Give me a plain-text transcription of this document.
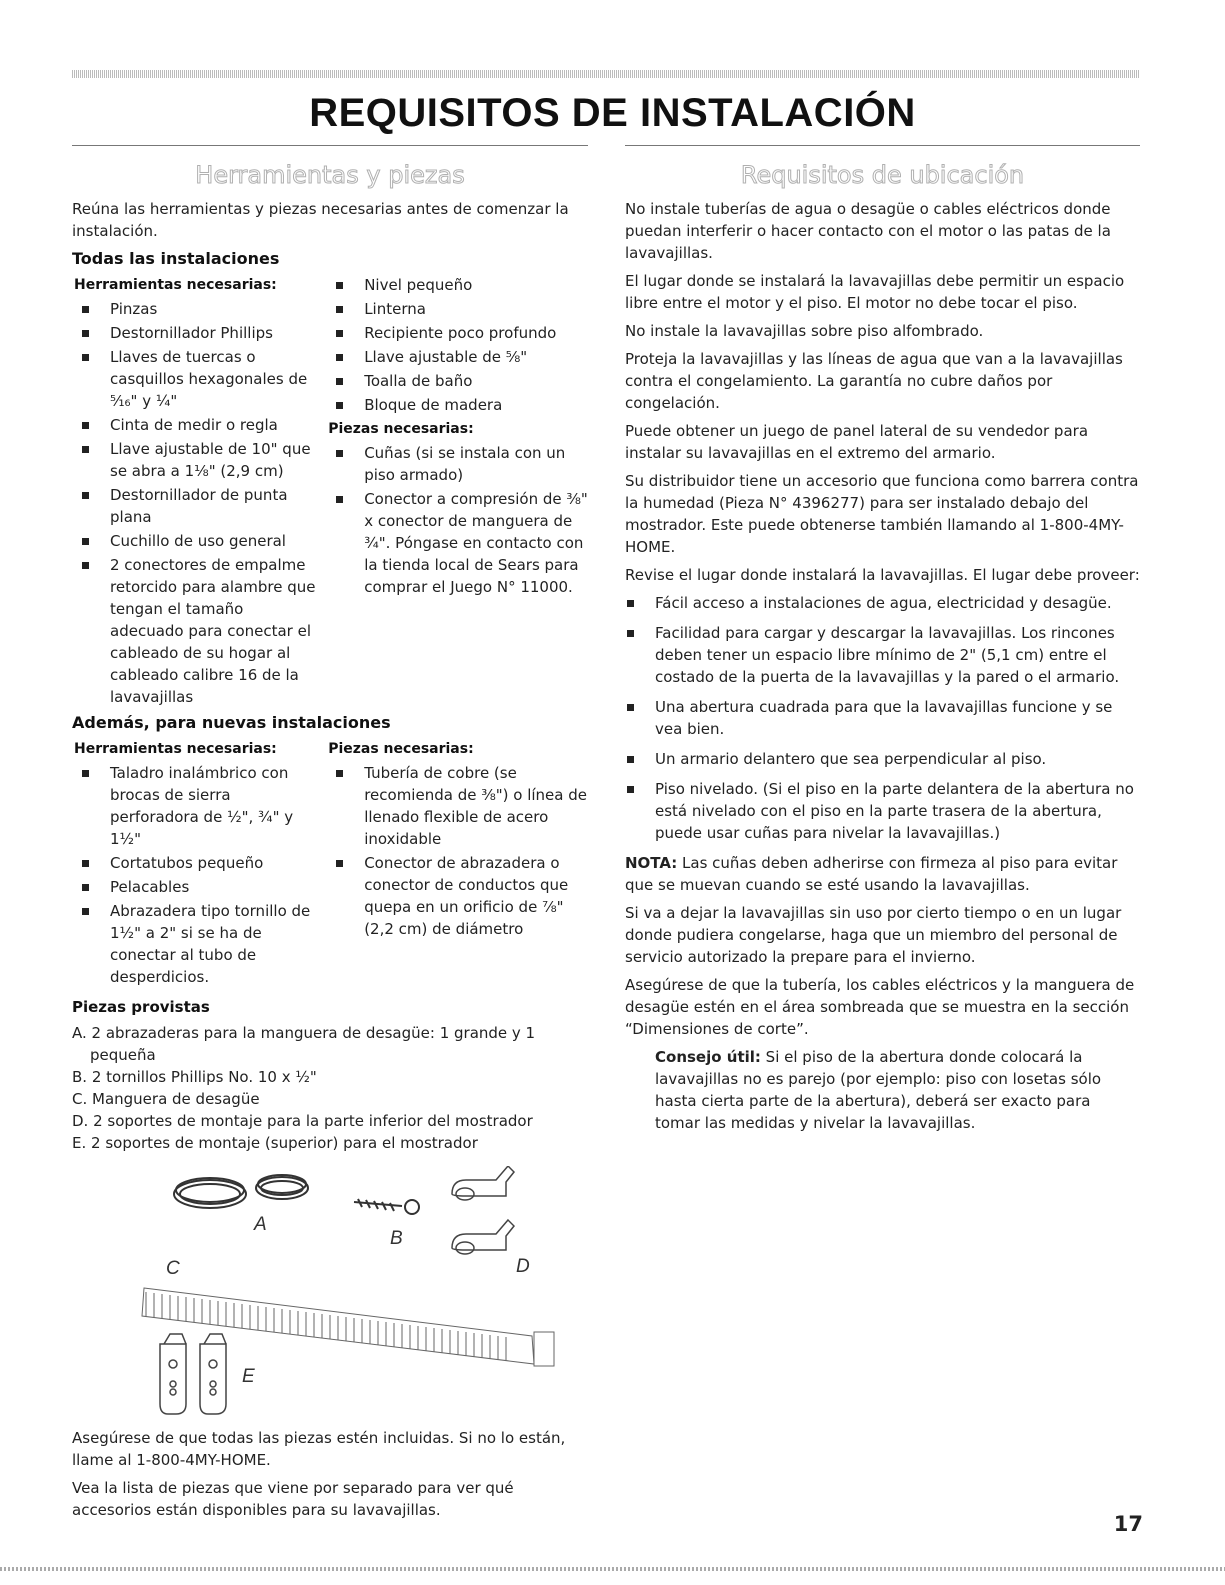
REQUISITOS DE INSTALACIÓN
Herramientas y piezas

Reúna las herramientas y piezas necesarias antes de comenzar la instalación.

Todas las instalaciones
Herramientas necesarias:
Pinzas
Destornillador Phillips
Llaves de tuercas o casquillos hexagonales de ⁵⁄₁₆" y ¼"
Cinta de medir o regla
Llave ajustable de 10" que se abra a 1⅛" (2,9 cm)
Destornillador de punta plana
Cuchillo de uso general
2 conectores de empalme retorcido para alambre que tengan el tamaño adecuado para conectar el cableado de su hogar al cableado calibre 16 de la lavavajillas
Nivel pequeño
Linterna
Recipiente poco profundo
Llave ajustable de ⅝"
Toalla de baño
Bloque de madera
Piezas necesarias:
Cuñas (si se instala con un piso armado)
Conector a compresión de ⅜" x conector de manguera de ¾". Póngase en contacto con la tienda local de Sears para comprar el Juego N° 11000.
Además, para nuevas instalaciones
Herramientas necesarias:
Taladro inalámbrico con brocas de sierra perforadora de ½", ¾" y 1½"
Cortatubos pequeño
Pelacables
Abrazadera tipo tornillo de 1½" a 2" si se ha de conectar al tubo de desperdicios.
Piezas necesarias:
Tubería de cobre (se recomienda de ⅜") o línea de llenado flexible de acero inoxidable
Conector de abrazadera o conector de conductos que quepa en un orificio de ⅞" (2,2 cm) de diámetro
Piezas provistas
A. 2 abrazaderas para la manguera de desagüe: 1 grande y 1 pequeña
B. 2 tornillos Phillips No. 10 x ½"
C. Manguera de desagüe
D. 2 soportes de montaje para la parte inferior del mostrador
E. 2 soportes de montaje (superior) para el mostrador
A
B
C	D
E

Asegúrese de que todas las piezas estén incluidas. Si no lo están, llame al 1-800-4MY-HOME.

Vea la lista de piezas que viene por separado para ver qué accesorios están disponibles para su lavavajillas.

Requisitos de ubicación

No instale tuberías de agua o desagüe o cables eléctricos donde puedan interferir o hacer contacto con el motor o las patas de la lavavajillas.

El lugar donde se instalará la lavavajillas debe permitir un espacio libre entre el motor y el piso. El motor no debe tocar el piso.

No instale la lavavajillas sobre piso alfombrado.

Proteja la lavavajillas y las líneas de agua que van a la lavavajillas contra el congelamiento. La garantía no cubre daños por congelación.

Puede obtener un juego de panel lateral de su vendedor para instalar su lavavajillas en el extremo del armario.

Su distribuidor tiene un accesorio que funciona como barrera contra la humedad (Pieza N° 4396277) para ser instalado debajo del mostrador. Este puede obtenerse también llamando al 1-800-4MY-HOME.

Revise el lugar donde instalará la lavavajillas. El lugar debe proveer:

Fácil acceso a instalaciones de agua, electricidad y desagüe.
Facilidad para cargar y descargar la lavavajillas. Los rincones deben tener un espacio libre mínimo de 2" (5,1 cm) entre el costado de la puerta de la lavavajillas y la pared o el armario.
Una abertura cuadrada para que la lavavajillas funcione y se vea bien.
Un armario delantero que sea perpendicular al piso.
Piso nivelado. (Si el piso en la parte delantera de la abertura no está nivelado con el piso en la parte trasera de la abertura, puede usar cuñas para nivelar la lavavajillas.)

NOTA: Las cuñas deben adherirse con firmeza al piso para evitar que se muevan cuando se esté usando la lavavajillas.

Si va a dejar la lavavajillas sin uso por cierto tiempo o en un lugar donde pudiera congelarse, haga que un miembro del personal de servicio autorizado la prepare para el invierno.

Asegúrese de que la tubería, los cables eléctricos y la manguera de desagüe estén en el área sombreada que se muestra en la sección “Dimensiones de corte”.

Consejo útil: Si el piso de la abertura donde colocará la lavavajillas no es parejo (por ejemplo: piso con losetas sólo hasta cierta parte de la abertura), deberá ser exacto para tomar las medidas y nivelar la lavavajillas.

17
